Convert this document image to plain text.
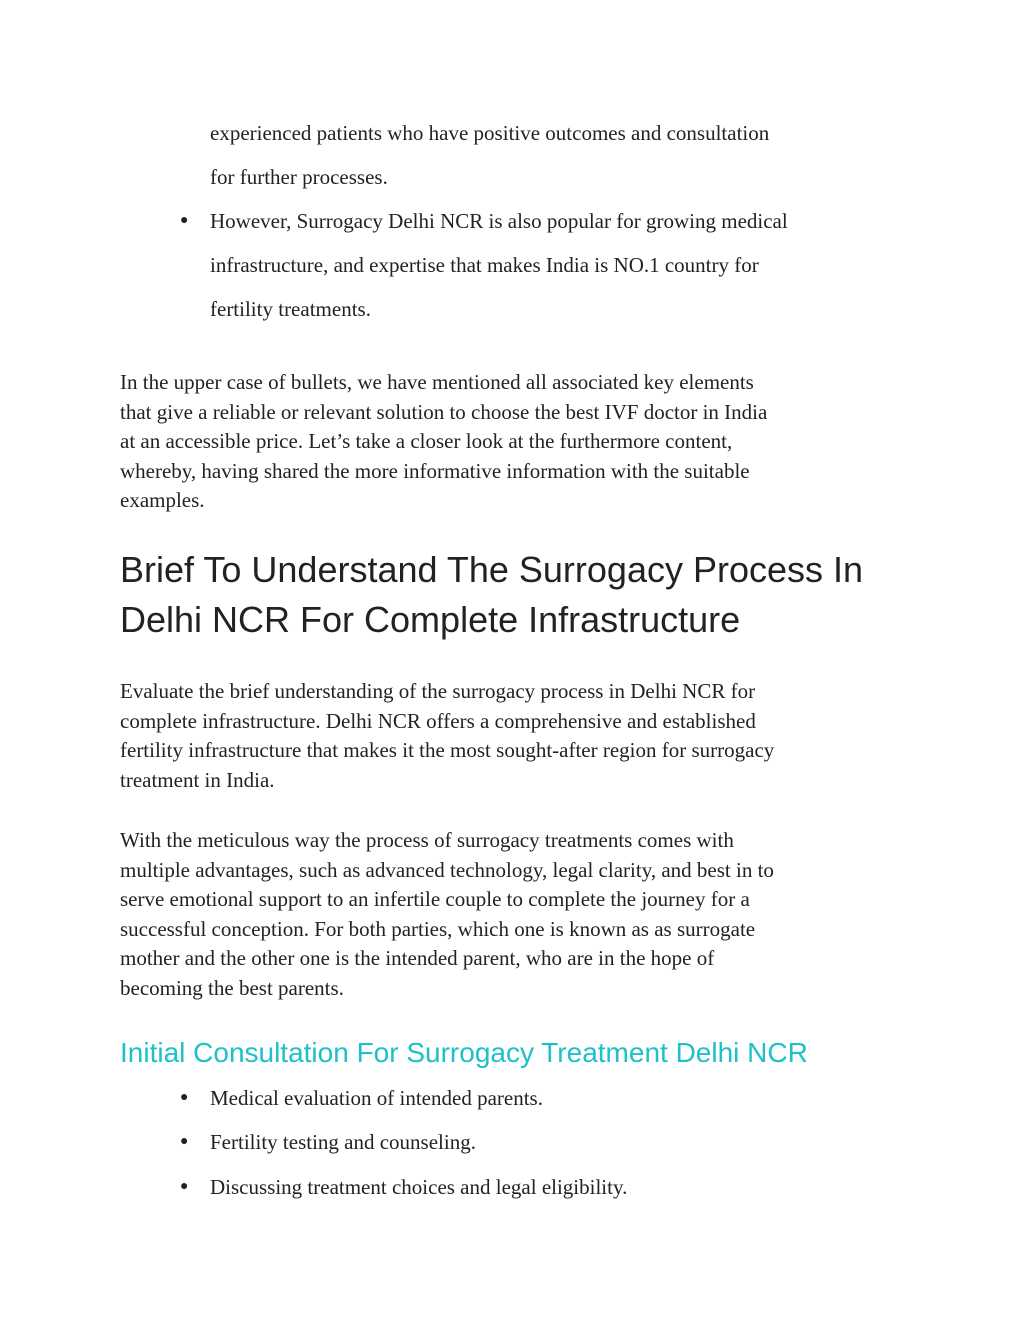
experienced patients who have positive outcomes and consultation
for further processes.
● However, Surrogacy Delhi NCR is also popular for growing medical
infrastructure, and expertise that makes India is NO.1 country for
fertility treatments.
In the upper case of bullets, we have mentioned all associated key elements
that give a reliable or relevant solution to choose the best IVF doctor in India
at an accessible price. Let’s take a closer look at the furthermore content,
whereby, having shared the more informative information with the suitable
examples.
Brief To Understand The Surrogacy Process In
Delhi NCR For Complete Infrastructure
Evaluate the brief understanding of the surrogacy process in Delhi NCR for
complete infrastructure. Delhi NCR offers a comprehensive and established
fertility infrastructure that makes it the most sought-after region for surrogacy
treatment in India.
With the meticulous way the process of surrogacy treatments comes with
multiple advantages, such as advanced technology, legal clarity, and best in to
serve emotional support to an infertile couple to complete the journey for a
successful conception. For both parties, which one is known as as surrogate
mother and the other one is the intended parent, who are in the hope of
becoming the best parents.
Initial Consultation For Surrogacy Treatment Delhi NCR
● Medical evaluation of intended parents.
● Fertility testing and counseling.
● Discussing treatment choices and legal eligibility.
